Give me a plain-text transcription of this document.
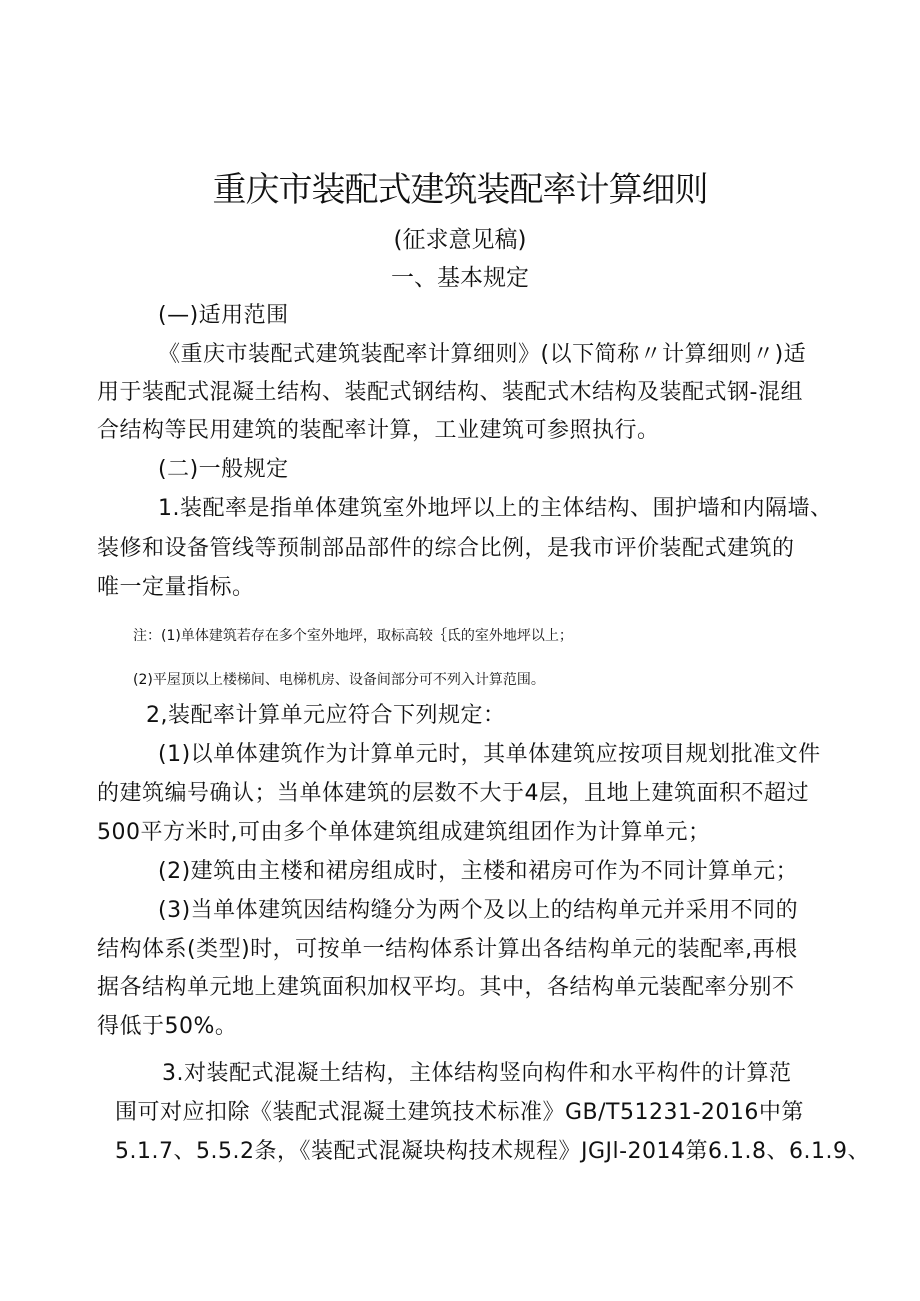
重庆市装配式建筑装配率计算细则

(征求意见稿)

一、基本规定

(—)适用范围

《重庆市装配式建筑装配率计算细则》(以下简称〃计算细则〃)适

用于装配式混凝土结构、装配式钢结构、装配式木结构及装配式钢-混组

合结构等民用建筑的装配率计算，工业建筑可参照执行。

(二)一般规定

1.装配率是指单体建筑室外地坪以上的主体结构、围护墙和内隔墙、

装修和设备管线等预制部品部件的综合比例，是我市评价装配式建筑的

唯一定量指标。

注：(1)单体建筑若存在多个室外地坪，取标高较｛氐的室外地坪以上；

(2)平屋顶以上楼梯间、电梯机房、设备间部分可不列入计算范围。

2,装配率计算单元应符合下列规定：

(1)以单体建筑作为计算单元时，其单体建筑应按项目规划批准文件

的建筑编号确认；当单体建筑的层数不大于4层，且地上建筑面积不超过

500平方米时,可由多个单体建筑组成建筑组团作为计算单元；

(2)建筑由主楼和裙房组成时，主楼和裙房可作为不同计算单元；

(3)当单体建筑因结构缝分为两个及以上的结构单元并采用不同的

结构体系(类型)时，可按单一结构体系计算出各结构单元的装配率,再根

据各结构单元地上建筑面积加权平均。其中，各结构单元装配率分别不

得低于50%。

3.对装配式混凝土结构，主体结构竖向构件和水平构件的计算范

围可对应扣除《装配式混凝土建筑技术标准》GB/T51231-2016中第

5.1.7、5.5.2条，《装配式混凝块构技术规程》JGJl-2014第6.1.8、6.1.9、
